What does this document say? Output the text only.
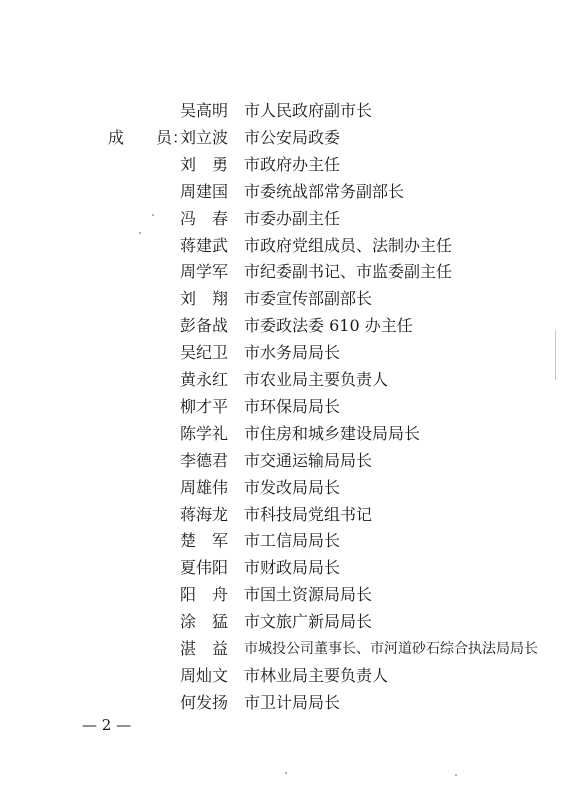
吴高明 市人民政府副市长
成　　员：
刘立波 市公安局政委
刘　勇 市政府办主任
周建国 市委统战部常务副部长
冯　春 市委办副主任
蒋建武 市政府党组成员、法制办主任
周学军 市纪委副书记、市监委副主任
刘　翔 市委宣传部副部长
彭备战 市委政法委 610 办主任
吴纪卫 市水务局局长
黄永红 市农业局主要负责人
柳才平 市环保局局长
陈学礼 市住房和城乡建设局局长
李德君 市交通运输局局长
周雄伟 市发改局局长
蒋海龙 市科技局党组书记
楚　军 市工信局局长
夏伟阳 市财政局局长
阳　舟 市国土资源局局长
涂　猛 市文旅广新局局长
湛　益	市城投公司董事长、市河道砂石综合执法局局长
周灿文 市林业局主要负责人
何发扬 市卫计局局长
— 2 —
